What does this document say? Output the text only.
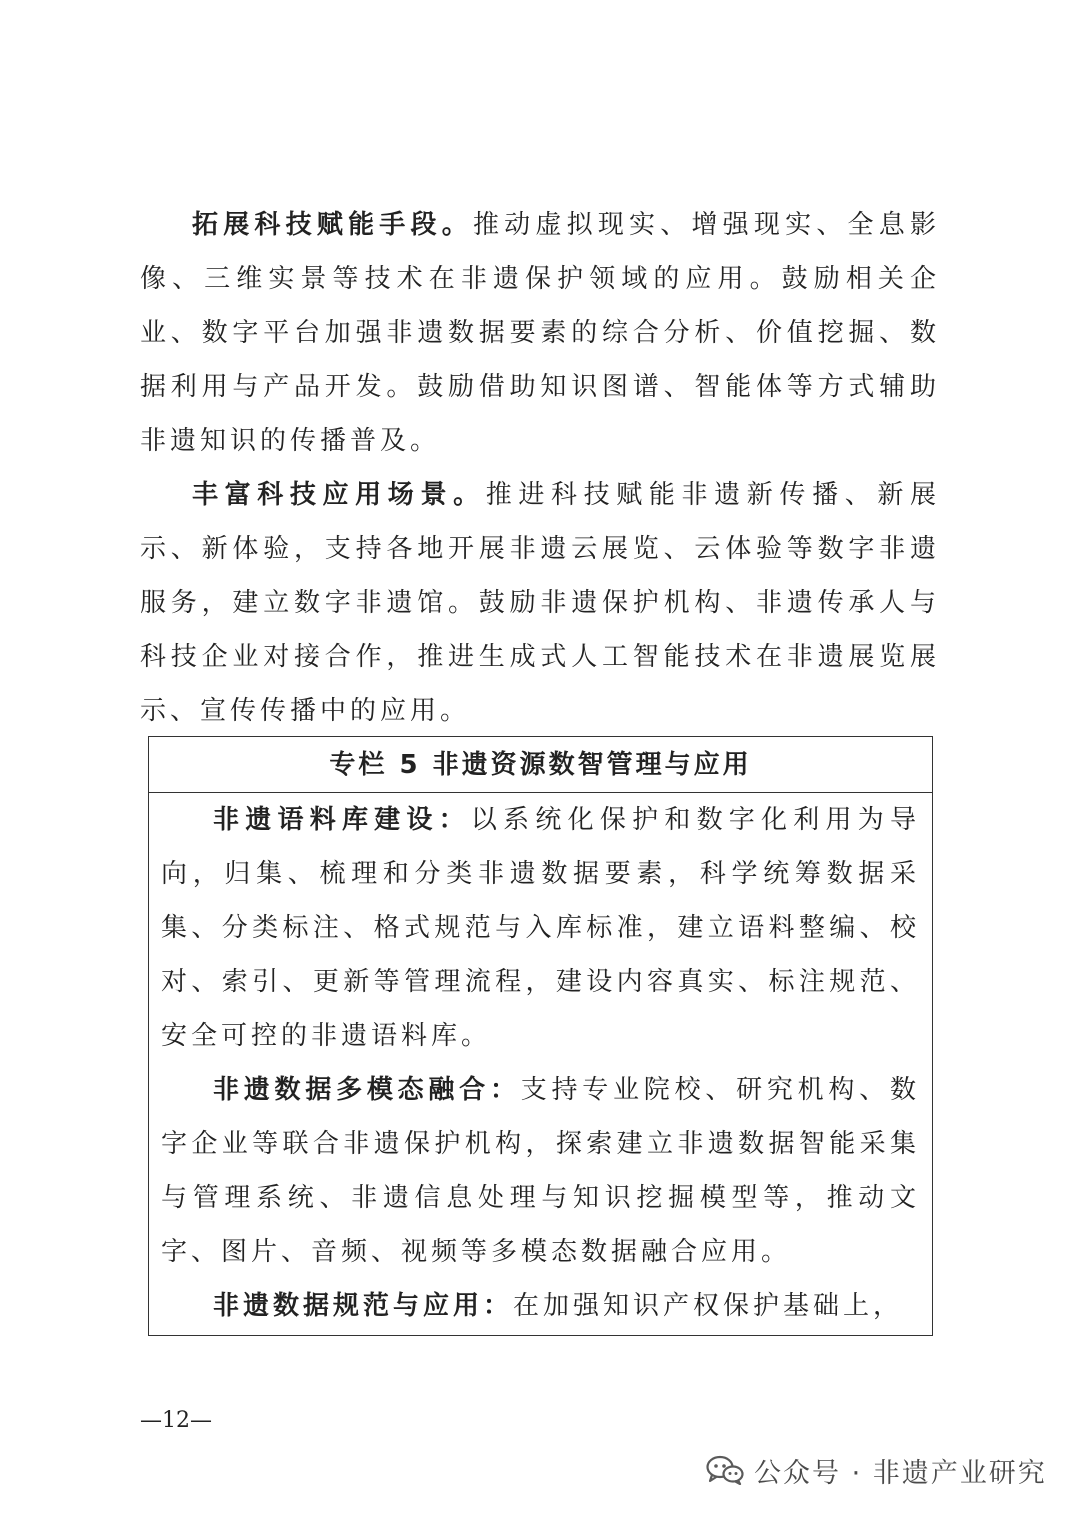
拓展科技赋能手段。推动虚拟现实、增强现实、全息影像、三维实景等技术在非遗保护领域的应用。鼓励相关企业、数字平台加强非遗数据要素的综合分析、价值挖掘、数据利用与产品开发。鼓励借助知识图谱、智能体等方式辅助非遗知识的传播普及。

丰富科技应用场景。推进科技赋能非遗新传播、新展示、新体验，支持各地开展非遗云展览、云体验等数字非遗服务，建立数字非遗馆。鼓励非遗保护机构、非遗传承人与科技企业对接合作，推进生成式人工智能技术在非遗展览展示、宣传传播中的应用。

专栏 5 非遗资源数智管理与应用

非遗语料库建设：以系统化保护和数字化利用为导向，归集、梳理和分类非遗数据要素，科学统筹数据采集、分类标注、格式规范与入库标准，建立语料整编、校对、索引、更新等管理流程，建设内容真实、标注规范、安全可控的非遗语料库。

非遗数据多模态融合：支持专业院校、研究机构、数字企业等联合非遗保护机构，探索建立非遗数据智能采集与管理系统、非遗信息处理与知识挖掘模型等，推动文字、图片、音频、视频等多模态数据融合应用。

非遗数据规范与应用：在加强知识产权保护基础上，

—12—
公众号 · 非遗产业研究
